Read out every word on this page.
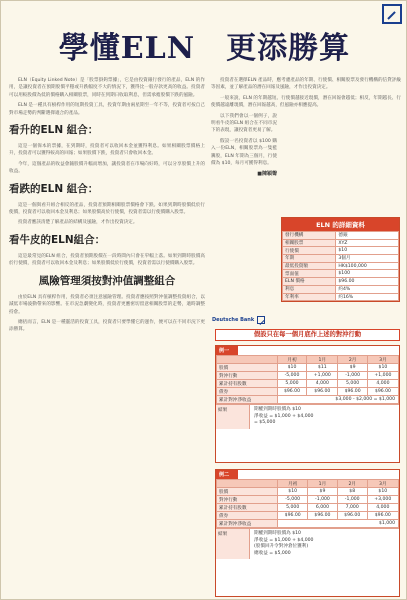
學懂ELN　更添勝算

ELN（Equity Linked Note）是「股票掛鈎票據」，它是由投資銀行發行的產品，ELN 的作用，是讓投資者在預期股價平穩或升跌幅度不大的情況下，獲得比一般存款更高的收益。投資者可以用較股價為低的價格購入相關股票，同時在到期日收取利息，但需承擔股價下跌的風險。

ELN 是一種具有槓桿作用的短期投資工具，投資年期由兩星期至一年不等，投資者可按自己對市場走勢的判斷選擇適合的產品。

看升的ELN 組合：

這是一個保本的票據，在到期時，投資者可以收回本金並獲得利息。如果相關股票價格上升，投資者可以獲得較高的回報；如果股價下跌，投資者只會收回本金。

今年，這個產品的收益會隨股價升幅而增加，讓投資者在市場向好時，可以分享股價上升的收益。

看跌的ELN 組合：

這是一個與看升組合相反的產品，投資者預期相關股票價格會下跌。如果到期時股價低於行使價，投資者可以收回本金及利息；如果股價高於行使價，投資者需以行使價購入股票。

投資者應該清楚了解產品的結構及風險，才作出投資決定。

看牛皮的ELN組合：

這是最常見的ELN 組合，投資者預期股價在一段時間內只會在窄幅上落。如果到期時股價高於行使價，投資者可以收回本金及利息；如果股價低於行使價，投資者需以行使價購入股票。

風險管理須按對沖值調整組合

由於ELN 具有槓桿作用，投資者必須注意風險管理。投資者應按照對沖值調整投資組合，以減低市場波動帶來的影響。在市況急劇變化時，投資者更應密切留意相關股票的走勢，適時調整持倉。

總括而言，ELN 是一種靈活的投資工具，投資者只要學懂它的運作，便可以在不同市況下更添勝算。

投資者在選擇ELN 產品時，應考慮產品的年期、行使價、相關股票及發行機構的信貸評級等因素，並了解產品的潛在回報及風險，才作出投資決定。

一般來說，ELN 的年期越短、行使價越接近現價，潛在回報會越低；相反，年期越長、行使價越遠離現價，潛在回報越高，但風險亦相應提高。

以下我們會以一個例子，說明看牛皮的ELN 組合在不同市況下的表現，讓投資者更易了解。

假設一名投資者以 $100 購入一份ELN，相關股票為一隻藍籌股，ELN 年期為三個月，行使價為 $10，每月可獲得利息。

■陳穎聲
Deutsche Bank
ELN 的詳細資料
發行機構	德銀
相關股票	XYZ
行使價	$10
年期	3個月
最低投資額	HK$100,000
票面值	$100
ELN 價格	$96.00
利息	約4%
年利率	約16%
假設只在每一個月底作上述的對沖行動
例一
	月初	1月	2月	3月
股價	$10	$11	$9	$10
對沖行動	-5,000	+1,000	-1,000	+1,000
累計持有股數	5,000	4,000	5,000	4,000
債券	$96.00	$96.00	$96.00	$96.00
累計對沖淨收益	$3,000 - $2,000 = $1,000			
結果	期權到期時股價為 $10
淨收益 = $1,000 + $4,000
= $5,000
例二
	月初	1月	2月	3月
股價	$10	$9	$8	$10
對沖行動	-5,000	-1,000	-1,000	+3,000
累計持有股數	5,000	6,000	7,000	4,000
債券	$96.00	$96.00	$96.00	$96.00
累計對沖淨收益	$1,000			
結果	期權到期時股價為 $10
淨收益 = $1,000 + $4,000
(股價回升令對沖倉位獲利)
總收益 = $5,000
